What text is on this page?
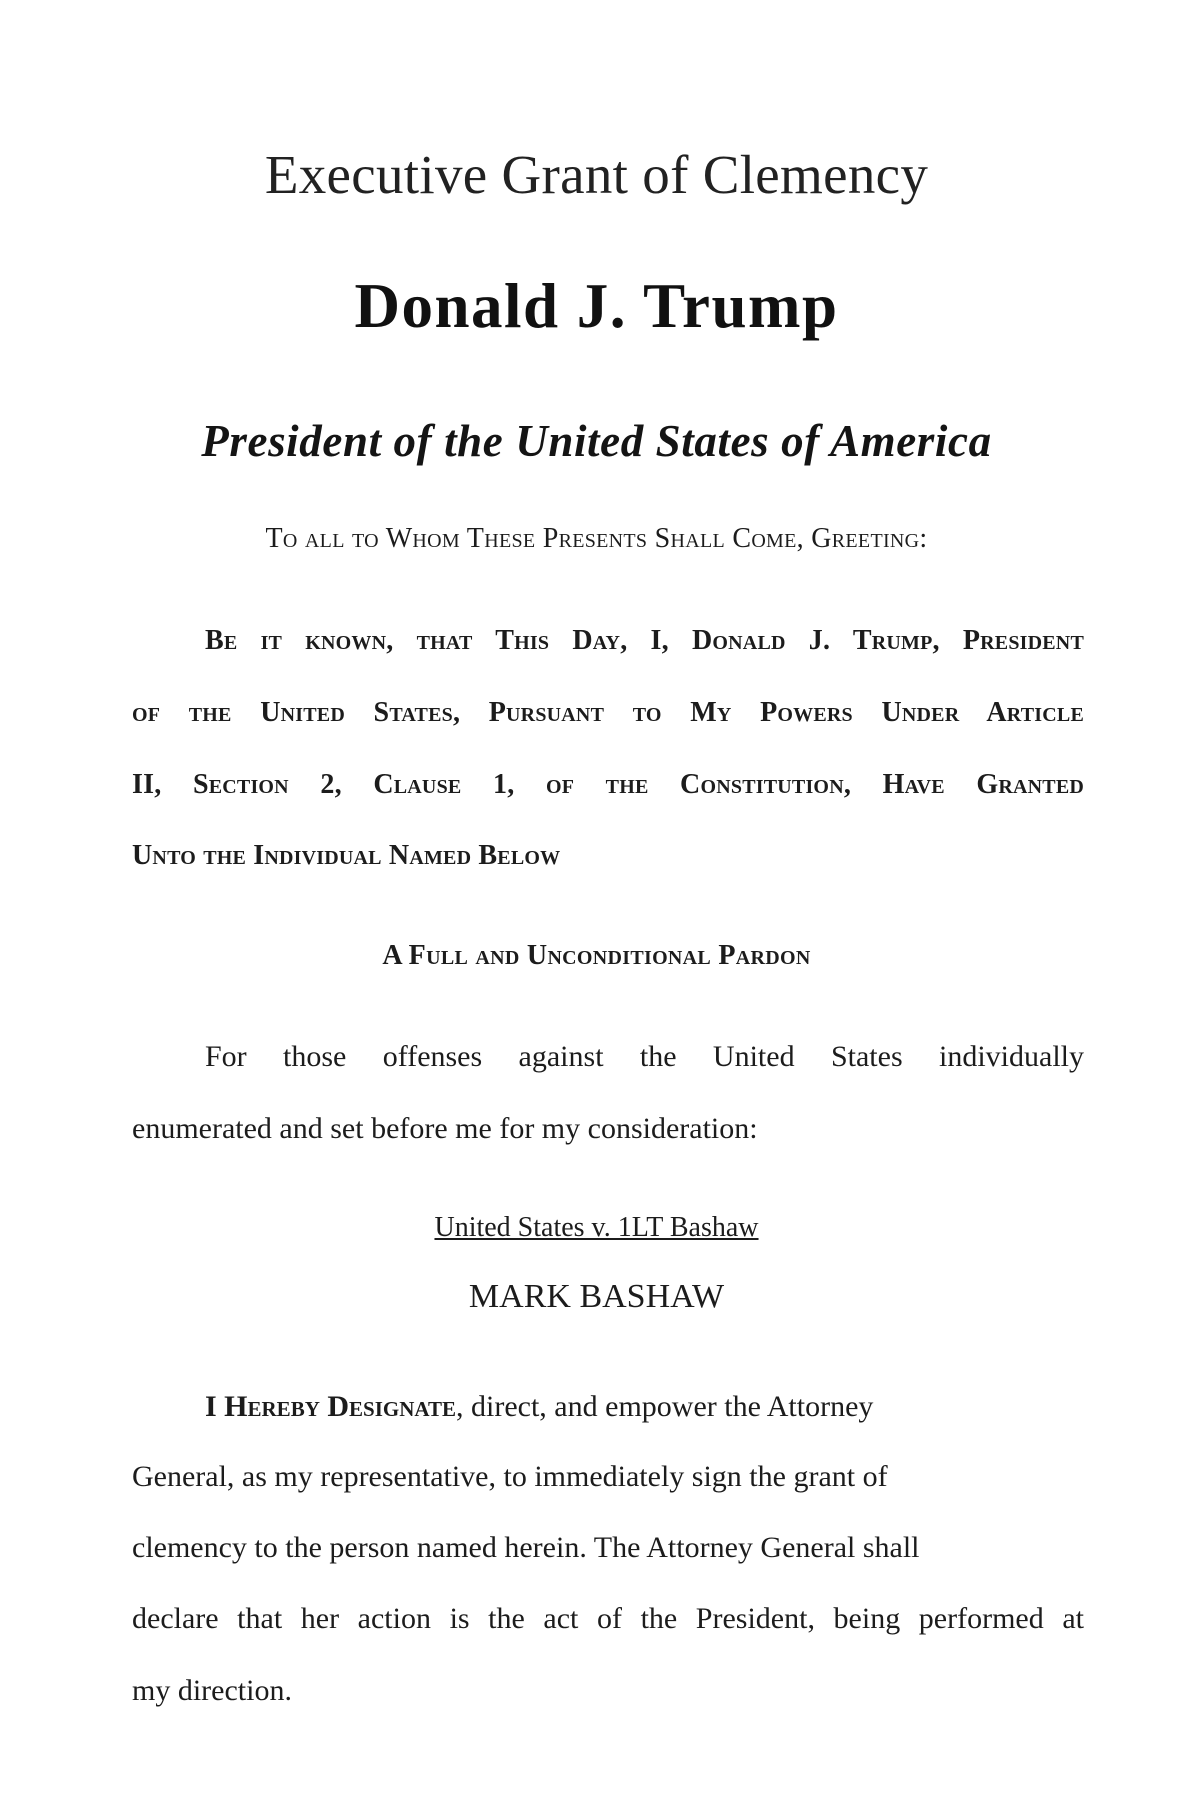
Executive Grant of Clemency
Donald J. Trump
President of the United States of America
To all to Whom These Presents Shall Come, Greeting:
Be it known, that This Day, I, Donald J. Trump, President
of the United States, Pursuant to My Powers Under Article
II, Section 2, Clause 1, of the Constitution, Have Granted
Unto the Individual Named Below
A Full and Unconditional Pardon
For those offenses against the United States individually
enumerated and set before me for my consideration:
United States v. 1LT Bashaw
MARK BASHAW
I Hereby Designate, direct, and empower the Attorney
General, as my representative, to immediately sign the grant of
clemency to the person named herein. The Attorney General shall
declare that her action is the act of the President, being performed at
my direction.
